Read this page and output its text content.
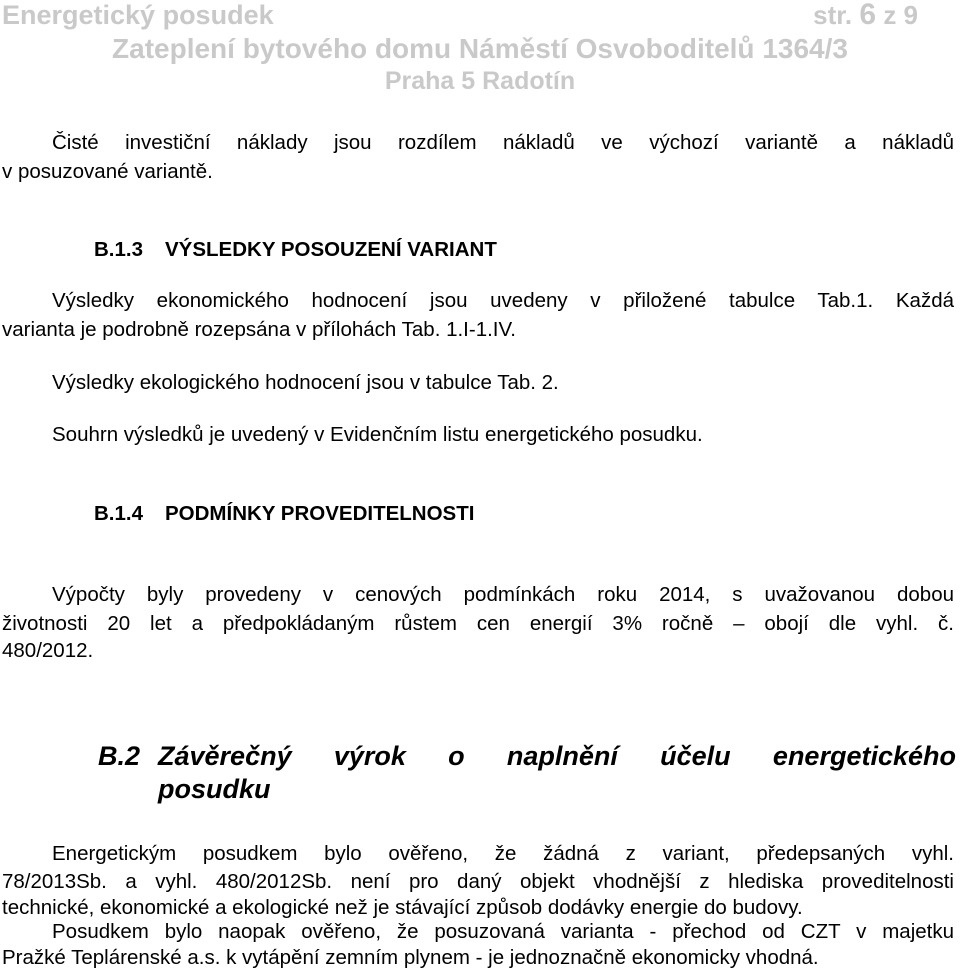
Energetický posudek	str. 6 z 9
Zateplení bytového domu Náměstí Osvoboditelů 1364/3
Praha 5 Radotín
Čisté investiční náklady jsou rozdílem nákladů ve výchozí variantě a nákladů
v posuzované variantě.
B.1.3 VÝSLEDKY POSOUZENÍ VARIANT
Výsledky ekonomického hodnocení jsou uvedeny v přiložené tabulce Tab.1. Každá
varianta je podrobně rozepsána v přílohách Tab. 1.I-1.IV.
Výsledky ekologického hodnocení jsou v tabulce Tab. 2.
Souhrn výsledků je uvedený v Evidenčním listu energetického posudku.
B.1.4 PODMÍNKY PROVEDITELNOSTI
Výpočty byly provedeny v cenových podmínkách roku 2014, s uvažovanou dobou
životnosti 20 let a předpokládaným růstem cen energií 3% ročně – obojí dle vyhl. č.
480/2012.
B.2 Závěrečný výrok o naplnění účelu energetického
posudku
Energetickým posudkem bylo ověřeno, že žádná z variant, předepsaných vyhl.
78/2013Sb. a vyhl. 480/2012Sb. není pro daný objekt vhodnější z hlediska proveditelnosti
technické, ekonomické a ekologické než je stávající způsob dodávky energie do budovy.
Posudkem bylo naopak ověřeno, že posuzovaná varianta - přechod od CZT v majetku
Pražké Teplárenské a.s. k vytápění zemním plynem - je jednoznačně ekonomicky vhodná.
